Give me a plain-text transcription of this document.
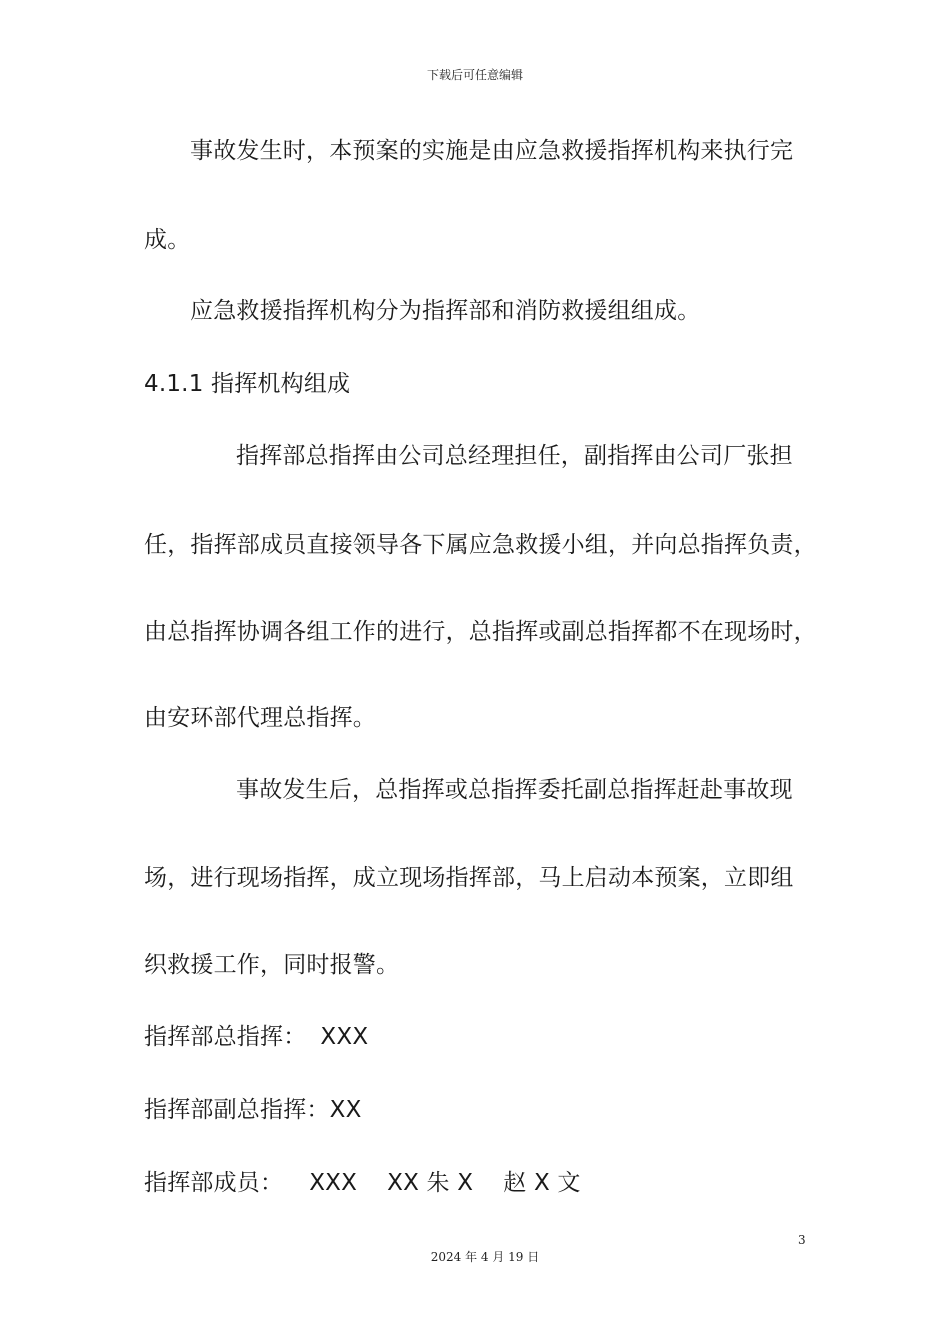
下载后可任意编辑
事故发生时，本预案的实施是由应急救援指挥机构来执行完
成。
应急救援指挥机构分为指挥部和消防救援组组成。
4.1.1 指挥机构组成
指挥部总指挥由公司总经理担任，副指挥由公司厂张担
任，指挥部成员直接领导各下属应急救援小组，并向总指挥负责，
由总指挥协调各组工作的进行，总指挥或副总指挥都不在现场时，
由安环部代理总指挥。
事故发生后，总指挥或总指挥委托副总指挥赶赴事故现
场，进行现场指挥，成立现场指挥部，马上启动本预案，立即组
织救援工作，同时报警。
指挥部总指挥： XXX
指挥部副总指挥：XX
指挥部成员： XXX    XX 朱 X    赵 X 文
3
2024 年 4 月 19 日
